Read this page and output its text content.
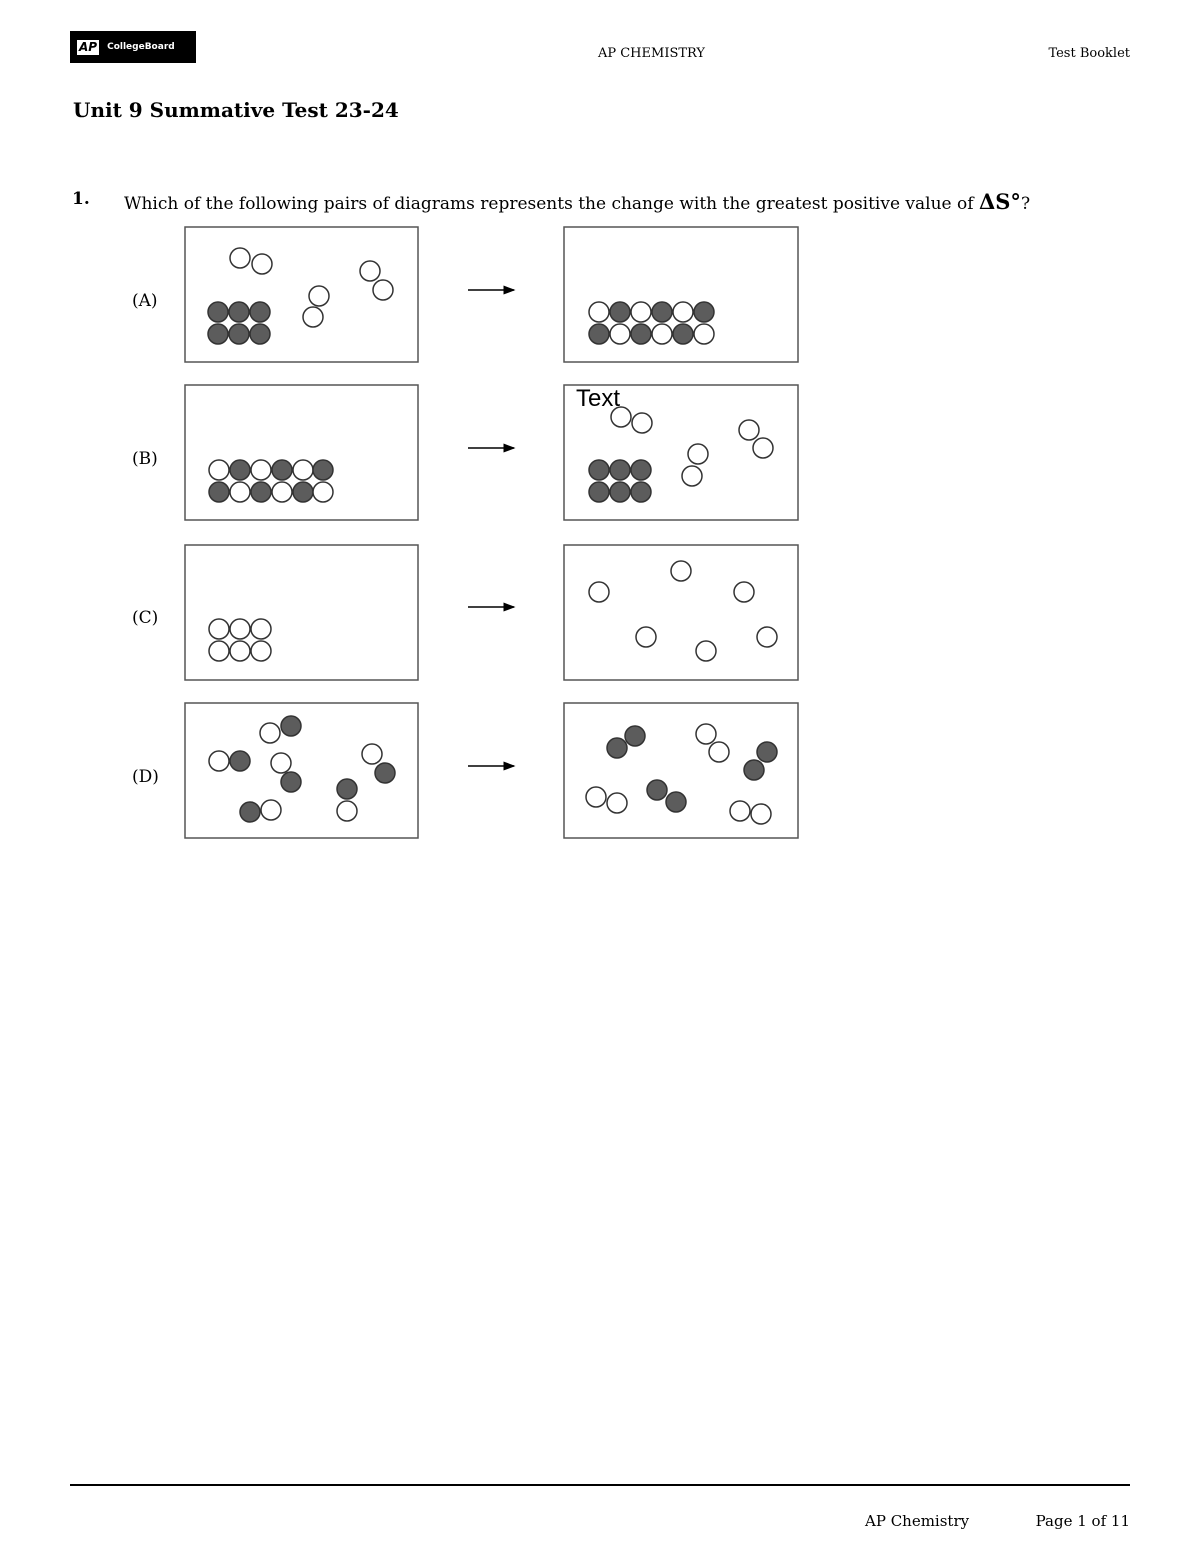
AP CollegeBoard	AP CHEMISTRY	Test Booklet
Unit 9 Summative Test 23-24
1. Which of the following pairs of diagrams represents the change with the greatest positive value of ΔS°?
(A)
(B)
Text
(C)
(D)
AP Chemistry	Page 1 of 11
